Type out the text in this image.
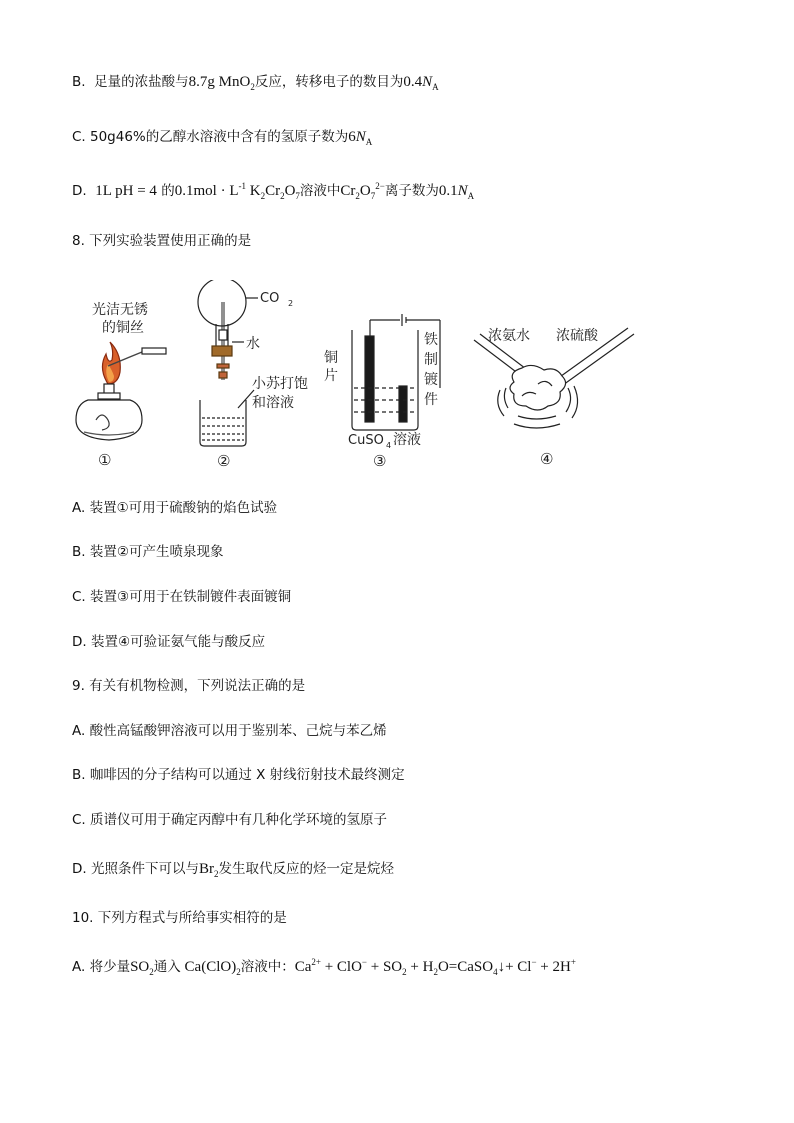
B. 足量的浓盐酸与8.7g MnO$_2$反应，转移电子的数目为$0.4N_A$
C. 50g46%的乙醇水溶液中含有的氢原子数为$6N_A$
D. 1L pH = 4 的$0.1mol \cdot L^{-1}$ $K_2Cr_2O_7$溶液中$Cr_2O_7^{2-}$离子数为$0.1N_A$
8. 下列实验装置使用正确的是
光洁无锈
的铜丝
①
CO 2
水
小苏打饱
和溶液
②
铜
片
铁
制
镀
件
CuSO 4 溶液
③
浓氨水 浓硫酸
④
A. 装置①可用于硫酸钠的焰色试验
B. 装置②可产生喷泉现象
C. 装置③可用于在铁制镀件表面镀铜
D. 装置④可验证氨气能与酸反应
9. 有关有机物检测，下列说法正确的是
A. 酸性高锰酸钾溶液可以用于鉴别苯、己烷与苯乙烯
B. 咖啡因的分子结构可以通过 X 射线衍射技术最终测定
C. 质谱仪可用于确定丙醇中有几种化学环境的氢原子
D. 光照条件下可以与$Br_2$发生取代反应的烃一定是烷烃
10. 下列方程式与所给事实相符的是
A. 将少量$SO_2$通入 $Ca(ClO)_2$溶液中：$Ca^{2+} + ClO^- + SO_2$ + $H_2O=CaSO_4↓+ Cl^- + 2H^+$
